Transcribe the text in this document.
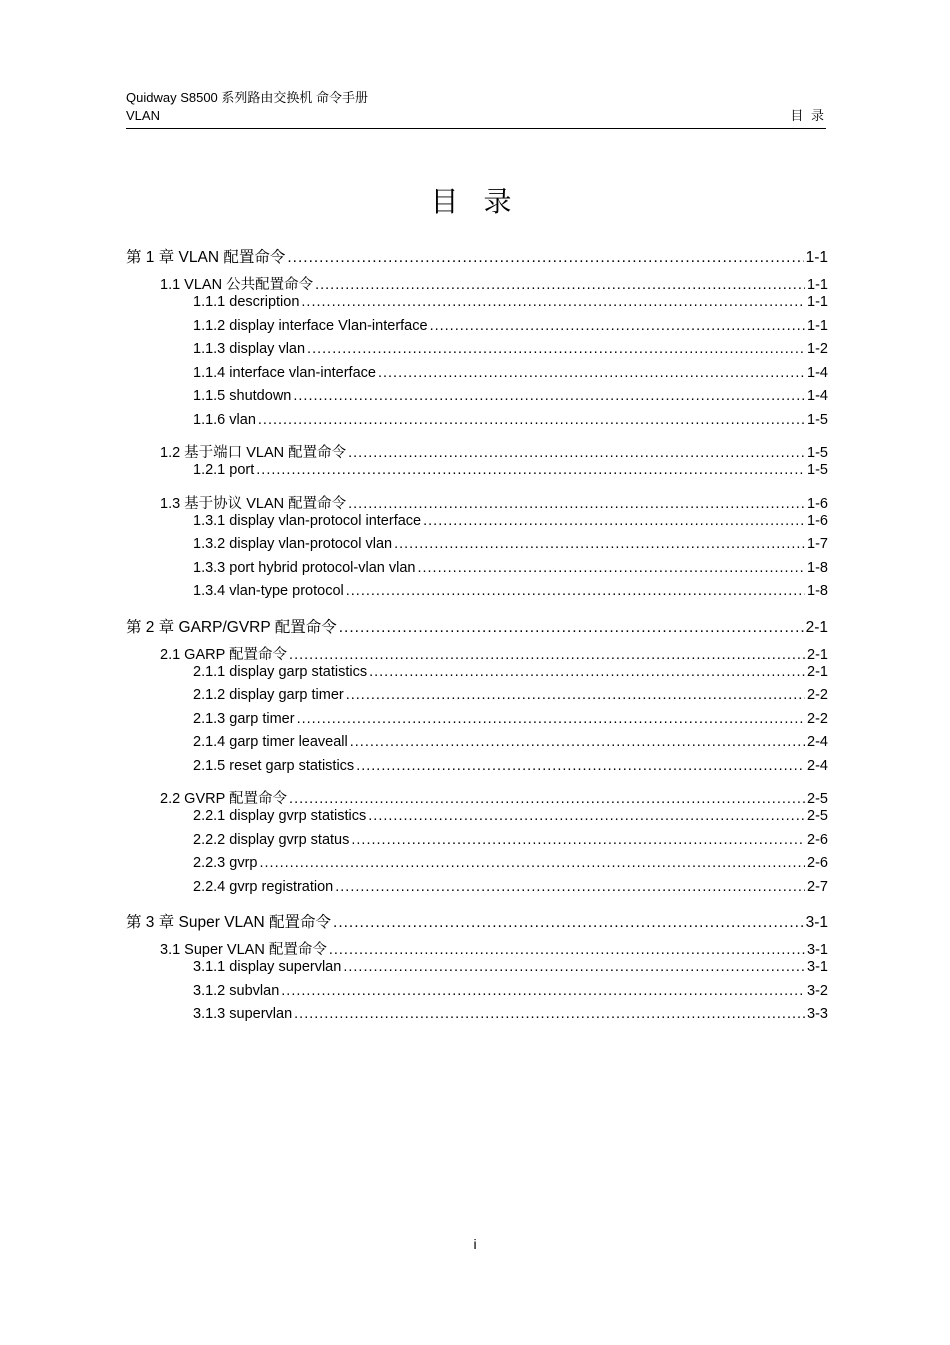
Quidway S8500 系列路由交换机 命令手册
VLAN	目 录
目 录
第 1 章 VLAN 配置命令 .....	1-1
1.1 VLAN 公共配置命令 .....	1-1
1.1.1 description .....	1-1
1.1.2 display interface Vlan-interface .....	1-1
1.1.3 display vlan .....	1-2
1.1.4 interface vlan-interface .....	1-4
1.1.5 shutdown .....	1-4
1.1.6 vlan .....	1-5
1.2 基于端口 VLAN 配置命令 .....	1-5
1.2.1 port .....	1-5
1.3 基于协议 VLAN 配置命令 .....	1-6
1.3.1 display vlan-protocol interface .....	1-6
1.3.2 display vlan-protocol vlan .....	1-7
1.3.3 port hybrid protocol-vlan vlan .....	1-8
1.3.4 vlan-type protocol .....	1-8
第 2 章 GARP/GVRP 配置命令 .....	2-1
2.1 GARP 配置命令 .....	2-1
2.1.1 display garp statistics .....	2-1
2.1.2 display garp timer .....	2-2
2.1.3 garp timer .....	2-2
2.1.4 garp timer leaveall .....	2-4
2.1.5 reset garp statistics .....	2-4
2.2 GVRP 配置命令 .....	2-5
2.2.1 display gvrp statistics .....	2-5
2.2.2 display gvrp status .....	2-6
2.2.3 gvrp .....	2-6
2.2.4 gvrp registration .....	2-7
第 3 章 Super VLAN 配置命令 .....	3-1
3.1 Super VLAN 配置命令 .....	3-1
3.1.1 display supervlan .....	3-1
3.1.2 subvlan .....	3-2
3.1.3 supervlan .....	3-3
i
